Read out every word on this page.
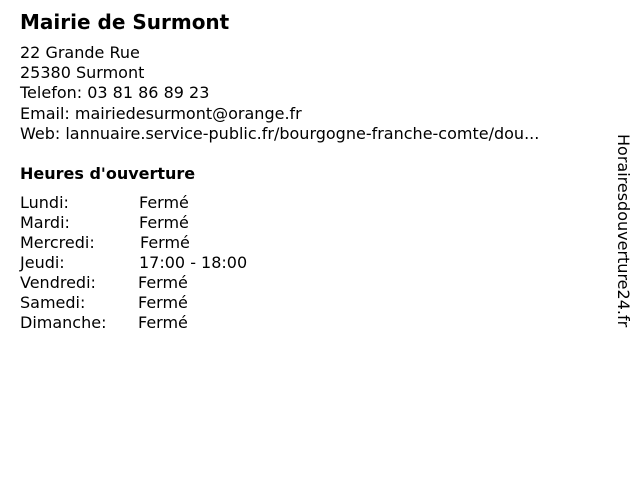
Mairie de Surmont
22 Grande Rue
25380 Surmont
Telefon: 03 81 86 89 23
Email: mairiedesurmont@orange.fr
Web: lannuaire.service-public.fr/bourgogne-franche-comte/dou...
Heures d'ouverture
Lundi:	Fermé
Mardi:	Fermé
Mercredi:	Fermé
Jeudi:	17:00 - 18:00
Vendredi:	Fermé
Samedi:	Fermé
Dimanche: Fermé	Horairesdouverture24.fr
